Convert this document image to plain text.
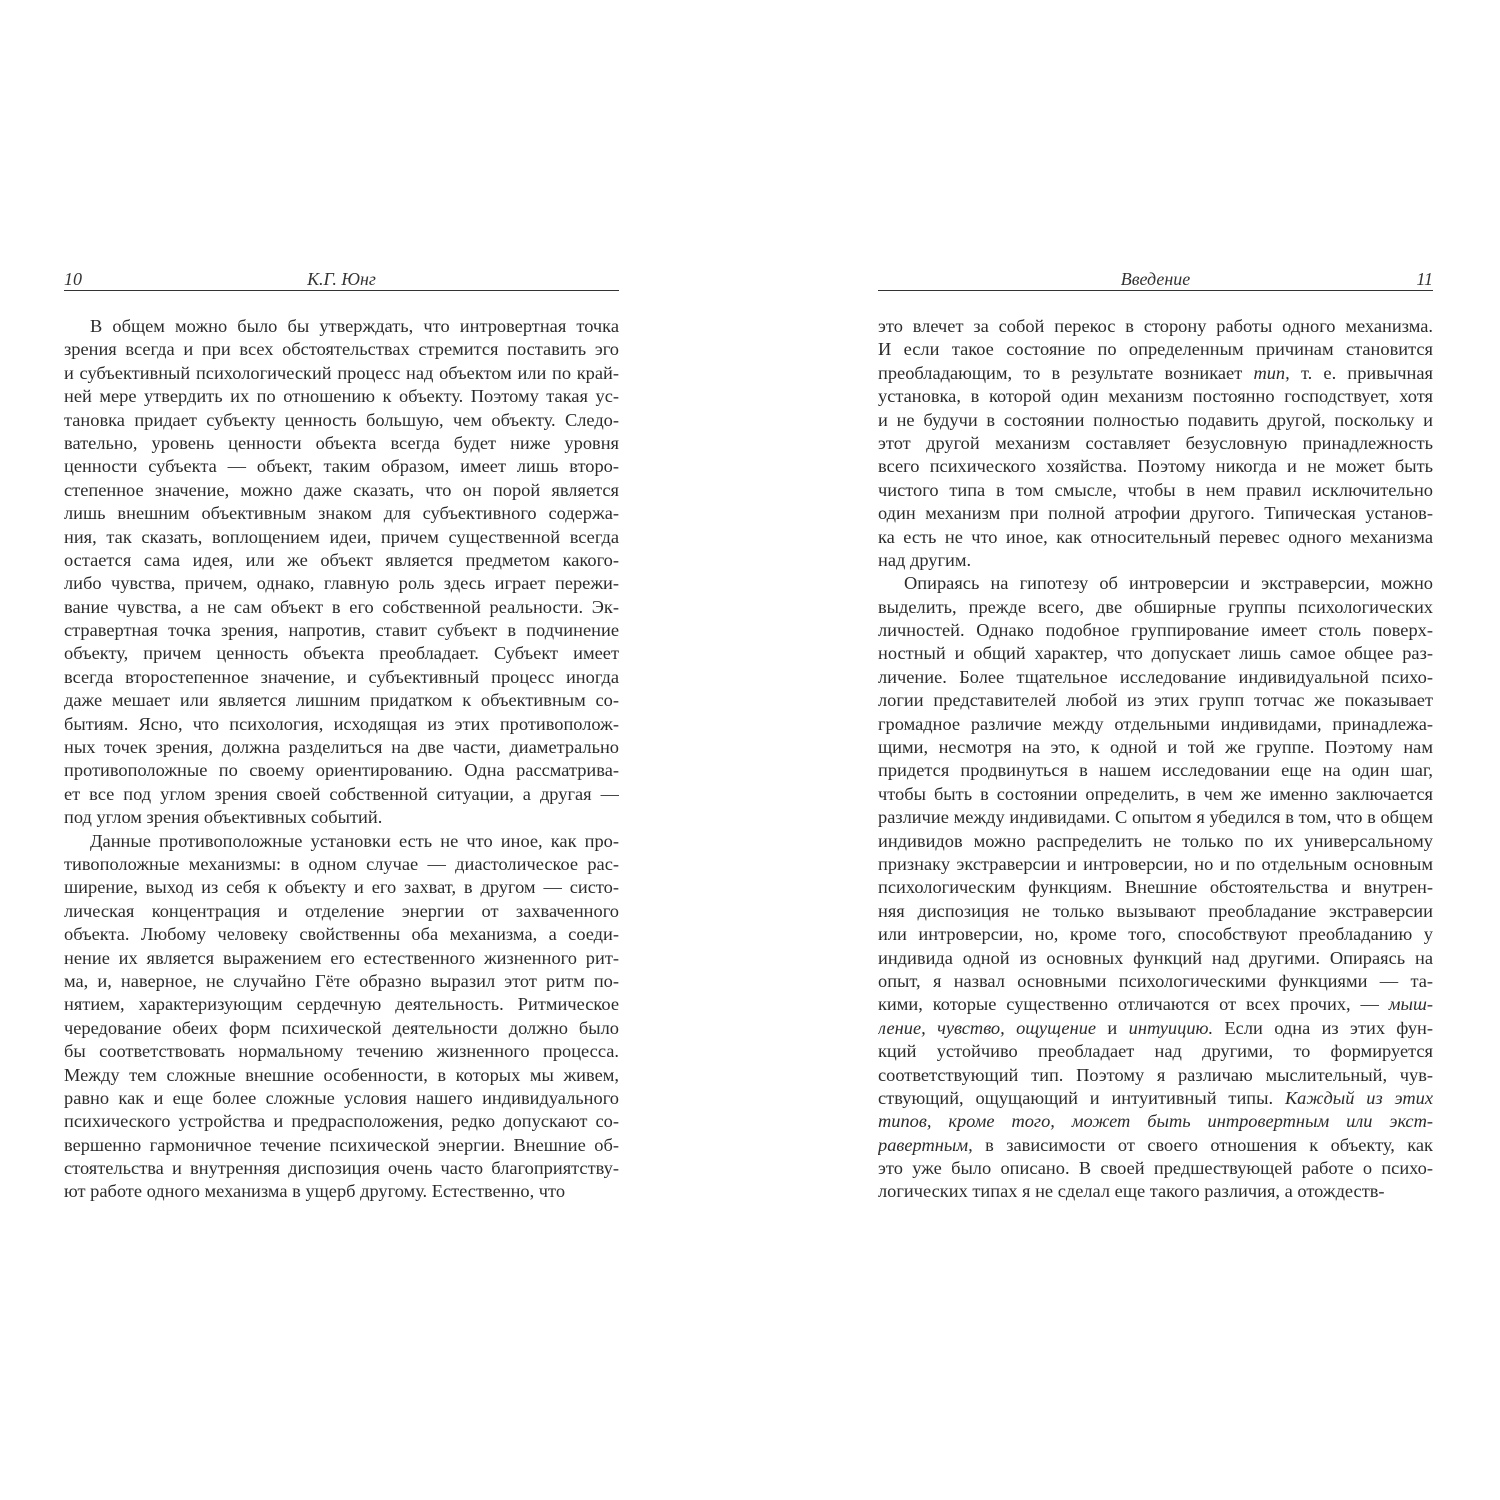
10	К.Г. Юнг
В общем можно было бы утверждать, что интровертная точка
зрения всегда и при всех обстоятельствах стремится поставить эго
и субъективный психологический процесс над объектом или по край-
ней мере утвердить их по отношению к объекту. Поэтому такая ус-
тановка придает субъекту ценность большую, чем объекту. Следо-
вательно, уровень ценности объекта всегда будет ниже уровня
ценности субъекта — объект, таким образом, имеет лишь второ-
степенное значение, можно даже сказать, что он порой является
лишь внешним объективным знаком для субъективного содержа-
ния, так сказать, воплощением идеи, причем существенной всегда
остается сама идея, или же объект является предметом какого-
либо чувства, причем, однако, главную роль здесь играет пережи-
вание чувства, а не сам объект в его собственной реальности. Эк-
стравертная точка зрения, напротив, ставит субъект в подчинение
объекту, причем ценность объекта преобладает. Субъект имеет
всегда второстепенное значение, и субъективный процесс иногда
даже мешает или является лишним придатком к объективным со-
бытиям. Ясно, что психология, исходящая из этих противополож-
ных точек зрения, должна разделиться на две части, диаметрально
противоположные по своему ориентированию. Одна рассматрива-
ет все под углом зрения своей собственной ситуации, а другая —
под углом зрения объективных событий.
Данные противоположные установки есть не что иное, как про-
тивоположные механизмы: в одном случае — диастолическое рас-
ширение, выход из себя к объекту и его захват, в другом — систо-
лическая концентрация и отделение энергии от захваченного
объекта. Любому человеку свойственны оба механизма, а соеди-
нение их является выражением его естественного жизненного рит-
ма, и, наверное, не случайно Гёте образно выразил этот ритм по-
нятием, характеризующим сердечную деятельность. Ритмическое
чередование обеих форм психической деятельности должно было
бы соответствовать нормальному течению жизненного процесса.
Между тем сложные внешние особенности, в которых мы живем,
равно как и еще более сложные условия нашего индивидуального
психического устройства и предрасположения, редко допускают со-
вершенно гармоничное течение психической энергии. Внешние об-
стоятельства и внутренняя диспозиция очень часто благоприятству-
ют работе одного механизма в ущерб другому. Естественно, что
Введение	11
это влечет за собой перекос в сторону работы одного механизма.
И если такое состояние по определенным причинам становится
преобладающим, то в результате возникает тип, т. е. привычная
установка, в которой один механизм постоянно господствует, хотя
и не будучи в состоянии полностью подавить другой, поскольку и
этот другой механизм составляет безусловную принадлежность
всего психического хозяйства. Поэтому никогда и не может быть
чистого типа в том смысле, чтобы в нем правил исключительно
один механизм при полной атрофии другого. Типическая установ-
ка есть не что иное, как относительный перевес одного механизма
над другим.
Опираясь на гипотезу об интроверсии и экстраверсии, можно
выделить, прежде всего, две обширные группы психологических
личностей. Однако подобное группирование имеет столь поверх-
ностный и общий характер, что допускает лишь самое общее раз-
личение. Более тщательное исследование индивидуальной психо-
логии представителей любой из этих групп тотчас же показывает
громадное различие между отдельными индивидами, принадлежа-
щими, несмотря на это, к одной и той же группе. Поэтому нам
придется продвинуться в нашем исследовании еще на один шаг,
чтобы быть в состоянии определить, в чем же именно заключается
различие между индивидами. С опытом я убедился в том, что в общем
индивидов можно распределить не только по их универсальному
признаку экстраверсии и интроверсии, но и по отдельным основным
психологическим функциям. Внешние обстоятельства и внутрен-
няя диспозиция не только вызывают преобладание экстраверсии
или интроверсии, но, кроме того, способствуют преобладанию у
индивида одной из основных функций над другими. Опираясь на
опыт, я назвал основными психологическими функциями — та-
кими, которые существенно отличаются от всех прочих, — мыш-
ление, чувство, ощущение и интуицию. Если одна из этих фун-
кций устойчиво преобладает над другими, то формируется
соответствующий тип. Поэтому я различаю мыслительный, чув-
ствующий, ощущающий и интуитивный типы. Каждый из этих
типов, кроме того, может быть интровертным или экст-
равертным, в зависимости от своего отношения к объекту, как
это уже было описано. В своей предшествующей работе о психо-
логических типах я не сделал еще такого различия, а отождеств-
